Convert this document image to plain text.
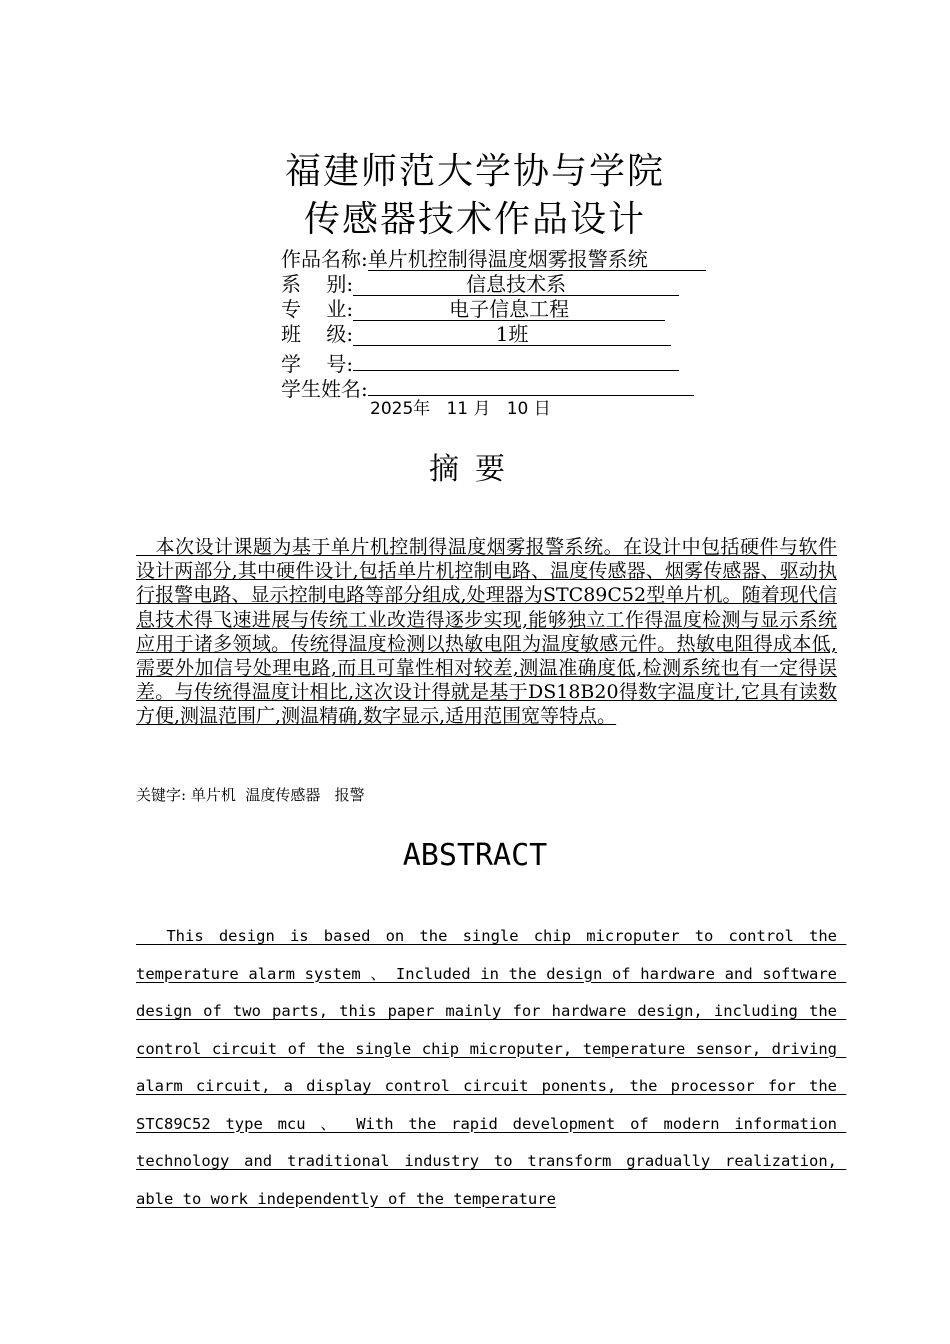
福建师范大学协与学院
传感器技术作品设计
作品名称:单片机控制得温度烟雾报警系统
系    别:	信息技术系
专    业:	电子信息工程
班    级:	1班
学    号:
学生姓名:
2025年   11 月   10 日
摘要
　本次设计课题为基于单片机控制得温度烟雾报警系统。在设计中包括硬件与软件设计两部分,其中硬件设计,包括单片机控制电路、温度传感器、烟雾传感器、驱动执行报警电路、显示控制电路等部分组成,处理器为STC89C52型单片机。随着现代信息技术得飞速进展与传统工业改造得逐步实现,能够独立工作得温度检测与显示系统应用于诸多领域。传统得温度检测以热敏电阻为温度敏感元件。热敏电阻得成本低,需要外加信号处理电路,而且可靠性相对较差,测温准确度低,检测系统也有一定得误差。与传统得温度计相比,这次设计得就是基于DS18B20得数字温度计,它具有读数方便,测温范围广,测温精确,数字显示,适用范围宽等特点。
关键字: 单片机  温度传感器   报警
ABSTRACT
This design is based on the single chip microputer to control the temperature alarm system 、 Included in the design of hardware and software design of two parts, this paper mainly for hardware design, including the control circuit of the single chip microputer, temperature sensor, driving alarm circuit, a display control circuit ponents, the processor for the STC89C52 type mcu 、 With the rapid development of modern information technology and traditional industry to transform gradually realization, able to work independently of the temperature
